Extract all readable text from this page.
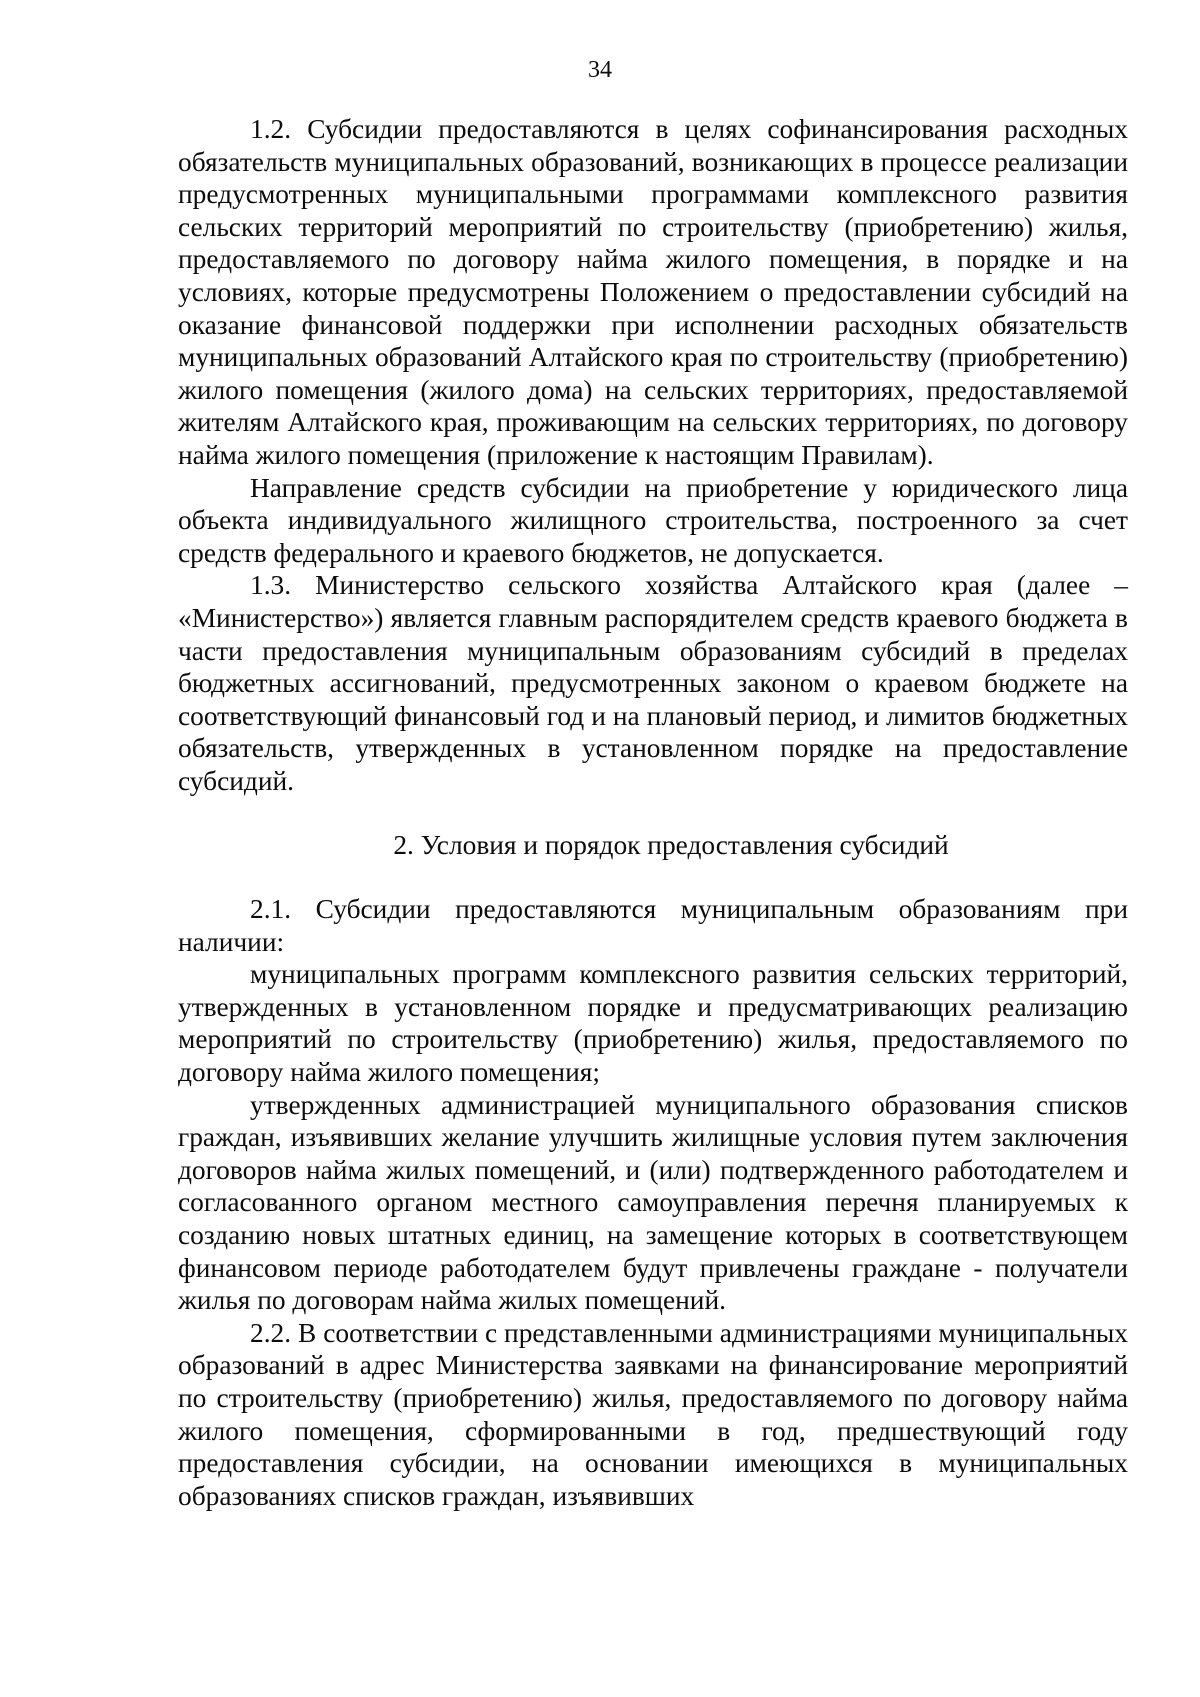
34

1.2. Субсидии предоставляются в целях софинансирования расходных обязательств муниципальных образований, возникающих в процессе реализации предусмотренных муниципальными программами комплексного развития сельских территорий мероприятий по строительству (приобретению) жилья, предоставляемого по договору найма жилого помещения, в порядке и на условиях, которые предусмотрены Положением о предоставлении субсидий на оказание финансовой поддержки при исполнении расходных обязательств муниципальных образований Алтайского края по строительству (приобретению) жилого помещения (жилого дома) на сельских территориях, предоставляемой жителям Алтайского края, проживающим на сельских территориях, по договору найма жилого помещения (приложение к настоящим Правилам).

Направление средств субсидии на приобретение у юридического лица объекта индивидуального жилищного строительства, построенного за счет средств федерального и краевого бюджетов, не допускается.

1.3. Министерство сельского хозяйства Алтайского края (далее – «Министерство») является главным распорядителем средств краевого бюджета в части предоставления муниципальным образованиям субсидий в пределах бюджетных ассигнований, предусмотренных законом о краевом бюджете на соответствующий финансовый год и на плановый период, и лимитов бюджетных обязательств, утвержденных в установленном порядке на предоставление субсидий.

2. Условия и порядок предоставления субсидий

2.1. Субсидии предоставляются муниципальным образованиям при наличии:

муниципальных программ комплексного развития сельских территорий, утвержденных в установленном порядке и предусматривающих реализацию мероприятий по строительству (приобретению) жилья, предоставляемого по договору найма жилого помещения;

утвержденных администрацией муниципального образования списков граждан, изъявивших желание улучшить жилищные условия путем заключения договоров найма жилых помещений, и (или) подтвержденного работодателем и согласованного органом местного самоуправления перечня планируемых к созданию новых штатных единиц, на замещение которых в соответствующем финансовом периоде работодателем будут привлечены граждане - получатели жилья по договорам найма жилых помещений.

2.2. В соответствии с представленными администрациями муниципальных образований в адрес Министерства заявками на финансирование мероприятий по строительству (приобретению) жилья, предоставляемого по договору найма жилого помещения, сформированными в год, предшествующий году предоставления субсидии, на основании имеющихся в муниципальных образованиях списков граждан, изъявивших
